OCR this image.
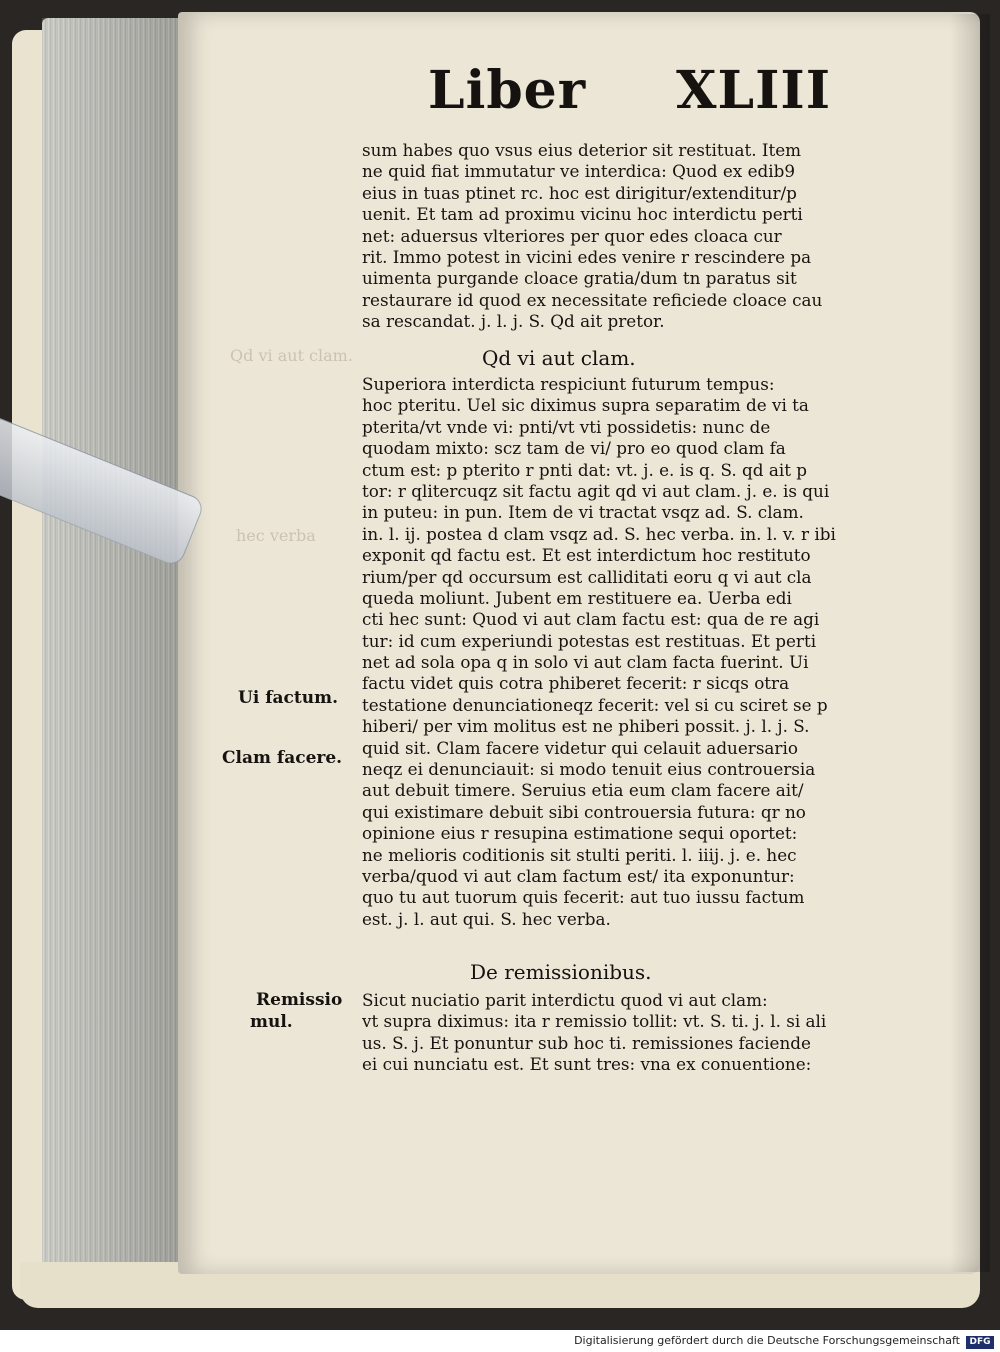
Qd vi aut clam.
hec verba
Liber XLIII
sum habes quo vsus eius deterior sit restituat. Item
ne quid fiat immutatur ve interdica: Quod ex edib9
eius in tuas ptinet rc. hoc est dirigitur/extenditur/p
uenit. Et tam ad proximu vicinu hoc interdictu perti
net: aduersus vlteriores per quor edes cloaca cur
rit. Immo potest in vicini edes venire r rescindere pa
uimenta purgande cloace gratia/dum tn paratus sit
restaurare id quod ex necessitate reficiede cloace cau
sa rescandat. j. l. j. S. Qd ait pretor.
Qd vi aut clam.
Superiora interdicta respiciunt futurum tempus:
hoc pteritu. Uel sic diximus supra separatim de vi ta
pterita/vt vnde vi: pnti/vt vti possidetis: nunc de
quodam mixto: scz tam de vi/ pro eo quod clam fa
ctum est: p pterito r pnti dat: vt. j. e. is q. S. qd ait p
tor: r qlitercuqz sit factu agit qd vi aut clam. j. e. is qui
in puteu: in pun. Item de vi tractat vsqz ad. S. clam.
in. l. ij. postea d clam vsqz ad. S. hec verba. in. l. v. r ibi
exponit qd factu est. Et est interdictum hoc restituto
rium/per qd occursum est calliditati eoru q vi aut cla
queda moliunt. Jubent em restituere ea. Uerba edi
cti hec sunt: Quod vi aut clam factu est: qua de re agi
tur: id cum experiundi potestas est restituas. Et perti
net ad sola opa q in solo vi aut clam facta fuerint. Ui
factu videt quis cotra phiberet fecerit: r sicqs otra
testatione denunciationeqz fecerit: vel si cu sciret se p
hiberi/ per vim molitus est ne phiberi possit. j. l. j. S.
quid sit. Clam facere videtur qui celauit aduersario
neqz ei denunciauit: si modo tenuit eius controuersia
aut debuit timere. Seruius etia eum clam facere ait/
qui existimare debuit sibi controuersia futura: qr no
opinione eius r resupina estimatione sequi oportet:
ne melioris coditionis sit stulti periti. l. iiij. j. e. hec
verba/quod vi aut clam factum est/ ita exponuntur:
quo tu aut tuorum quis fecerit: aut tuo iussu factum
est. j. l. aut qui. S. hec verba.
De remissionibus.
Sicut nuciatio parit interdictu quod vi aut clam:
vt supra diximus: ita r remissio tollit: vt. S. ti. j. l. si ali
us. S. j. Et ponuntur sub hoc ti. remissiones faciende
ei cui nunciatu est. Et sunt tres: vna ex conuentione:
Ui factum.
Clam facere.
Remissio
mul.
Digitalisierung gefördert durch die Deutsche Forschungsgemeinschaft	DFG
